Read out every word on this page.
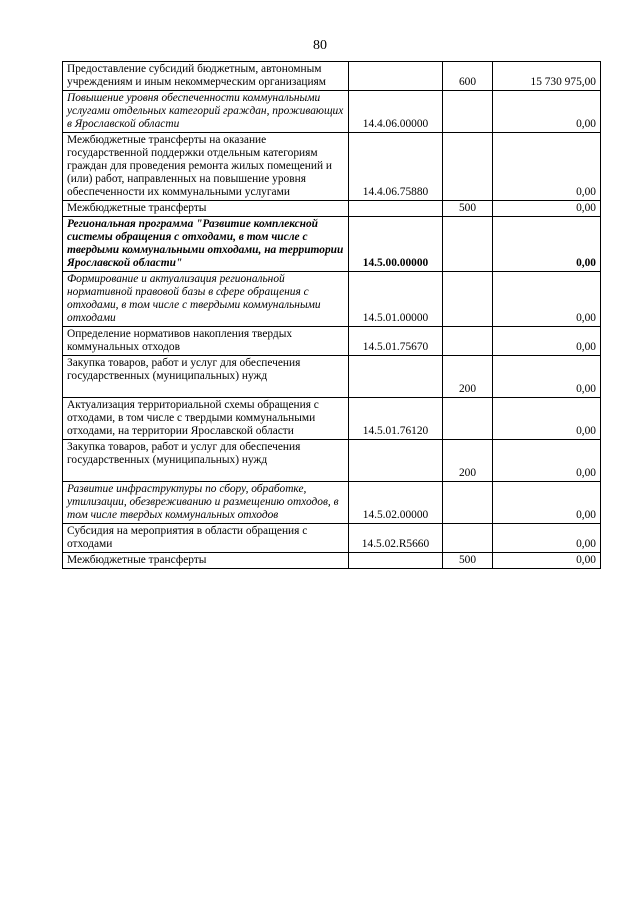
80
Предоставление субсидий бюджетным, автономным учреждениям и иным некоммерческим организациям		600	15 730 975,00
Повышение уровня обеспеченности коммунальными услугами отдельных категорий граждан, проживающих в Ярославской области	14.4.06.00000		0,00
Межбюджетные трансферты на оказание государственной поддержки отдельным категориям граждан для проведения ремонта жилых помещений и (или) работ, направленных на повышение уровня обеспеченности их коммунальными услугами	14.4.06.75880		0,00
Межбюджетные трансферты		500	0,00
Региональная программа "Развитие комплексной системы обращения с отходами, в том числе с твердыми коммунальными отходами, на территории Ярославской области"	14.5.00.00000		0,00
Формирование и актуализация региональной нормативной правовой базы в сфере обращения с отходами, в том числе с твердыми коммунальными отходами	14.5.01.00000		0,00
Определение нормативов накопления твердых коммунальных отходов	14.5.01.75670		0,00
Закупка товаров, работ и услуг для обеспечения государственных (муниципальных) нужд		200	0,00
Актуализация территориальной схемы обращения с отходами, в том числе с твердыми коммунальными отходами, на территории Ярославской области	14.5.01.76120		0,00
Закупка товаров, работ и услуг для обеспечения государственных (муниципальных) нужд		200	0,00
Развитие инфраструктуры по сбору, обработке, утилизации, обезвреживанию и размещению отходов, в том числе твердых коммунальных отходов	14.5.02.00000		0,00
Субсидия на мероприятия в области обращения с отходами	14.5.02.R5660		0,00
Межбюджетные трансферты		500	0,00
